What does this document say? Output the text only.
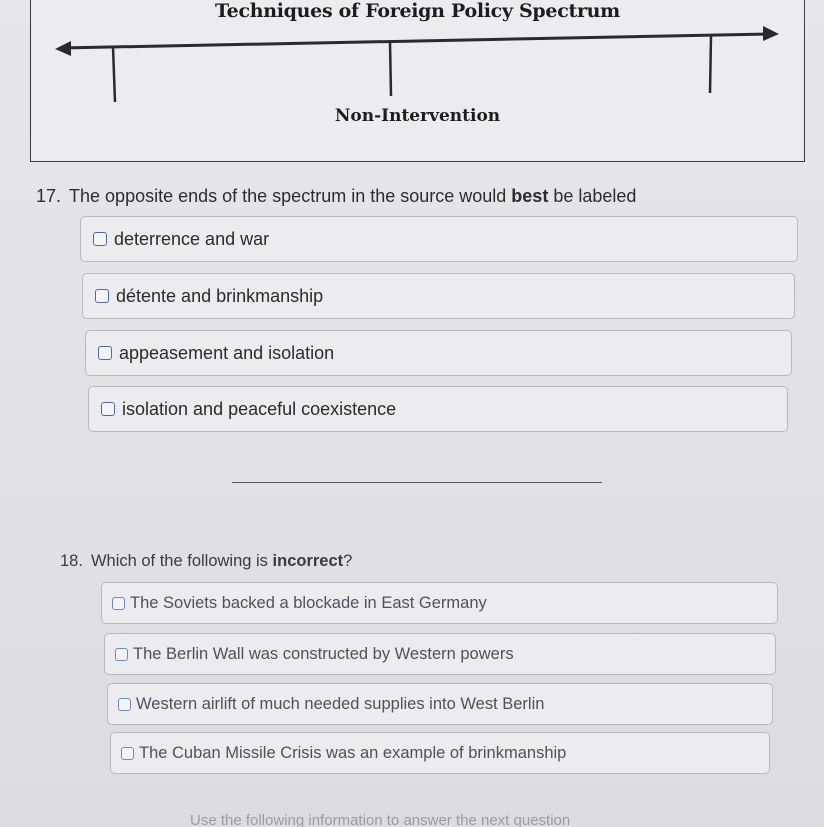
Techniques of Foreign Policy Spectrum
Non-Intervention
17. The opposite ends of the spectrum in the source would best be labeled
deterrence and war
détente and brinkmanship
appeasement and isolation
isolation and peaceful coexistence
18. Which of the following is incorrect?
The Soviets backed a blockade in East Germany
The Berlin Wall was constructed by Western powers
Western airlift of much needed supplies into West Berlin
The Cuban Missile Crisis was an example of brinkmanship
Use the following information to answer the next question
